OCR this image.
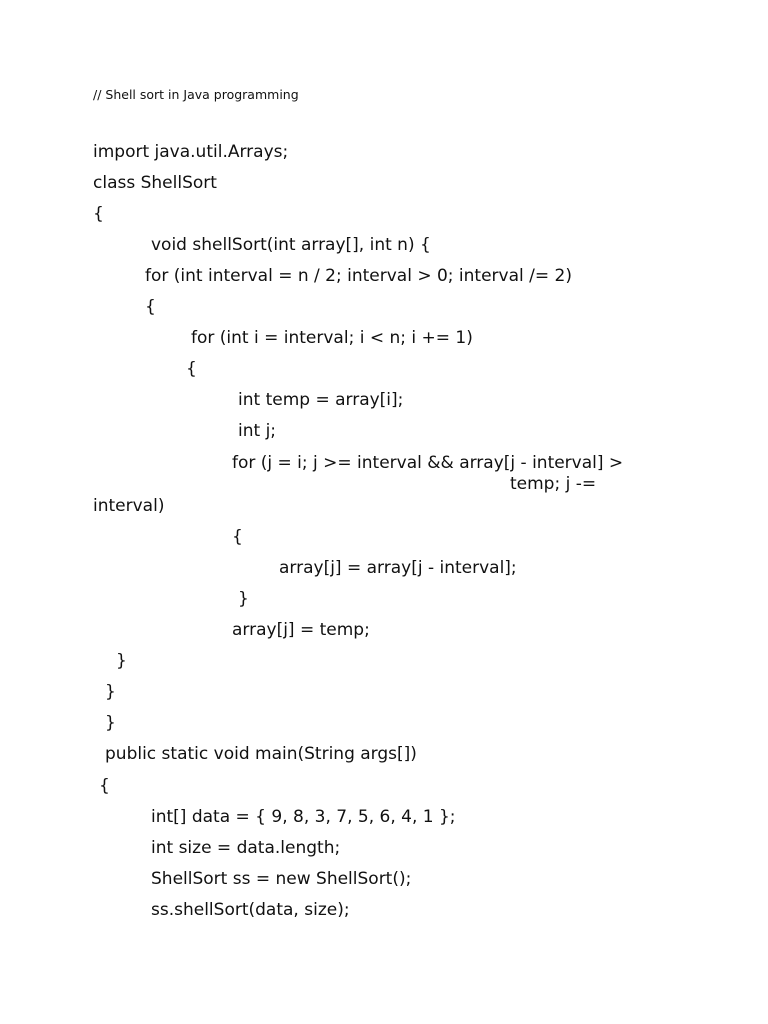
// Shell sort in Java programming
import java.util.Arrays;
class ShellSort
{
void shellSort(int array[], int n) {
for (int interval = n / 2; interval > 0; interval /= 2)
{
for (int i = interval; i < n; i += 1)
{
int temp = array[i];
int j;
for (j = i; j >= interval && array[j - interval] >
temp; j -=
interval)
{
array[j] = array[j - interval];
}
array[j] = temp;
}
}
}
public static void main(String args[])
{
int[] data = { 9, 8, 3, 7, 5, 6, 4, 1 };
int size = data.length;
ShellSort ss = new ShellSort();
ss.shellSort(data, size);
